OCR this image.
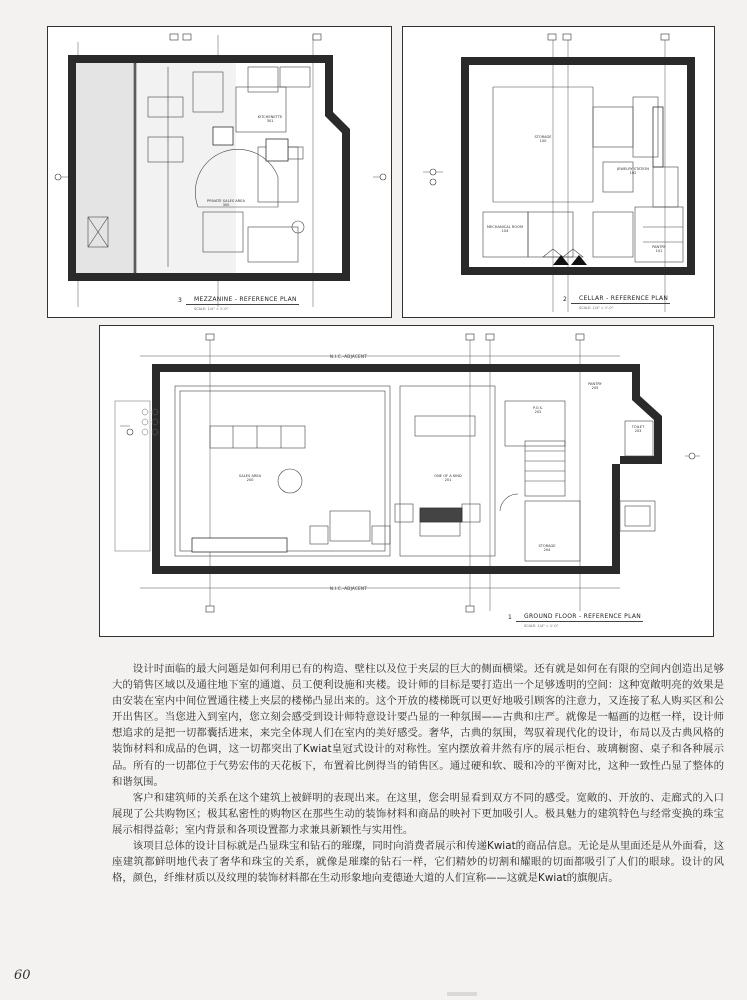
KITCHENETTE
301
PRIVATE SALES AREA
300
3	MEZZANINE - REFERENCE PLAN
SCALE: 1/4" = 1'-0"
STORAGE
100
JEWELRY STATION
102
MECHANICAL ROOM
104
PANTRY
101
2	CELLAR - REFERENCE PLAN
SCALE: 1/4" = 1'-0"
N.I.C.-ADJACENT
N.I.C.-ADJACENT
SALES AREA
200
ONE OF A KIND
201
P.O.S.
202
PANTRY
205
TOILET
203
STORAGE
204
1	GROUND FLOOR - REFERENCE PLAN
SCALE: 1/4" = 1'-0"

设计时面临的最大问题是如何利用已有的构造、壁柱以及位于夹层的巨大的侧面横梁。还有就是如何在有限的空间内创造出足够大的销售区域以及通往地下室的通道、员工便利设施和夹楼。设计师的目标是要打造出一个足够透明的空间：这种宽敞明亮的效果是由安装在室内中间位置通往楼上夹层的楼梯凸显出来的。这个开放的楼梯既可以更好地吸引顾客的注意力，又连接了私人购买区和公开出售区。当您进入到室内，您立刻会感受到设计师特意设计要凸显的一种氛围——古典和庄严。就像是一幅画的边框一样，设计师想追求的是把一切都囊括进来，来完全体现人们在室内的美好感受。奢华，古典的氛围，驾驭着现代化的设计，布局以及古典风格的装饰材料和成品的色调，这一切都突出了Kwiat皇冠式设计的对称性。室内摆放着井然有序的展示柜台、玻璃橱窗、桌子和各种展示品。所有的一切都位于气势宏伟的天花板下，布置着比例得当的销售区。通过硬和软、暖和冷的平衡对比，这种一致性凸显了整体的和谐氛围。

客户和建筑师的关系在这个建筑上被鲜明的表现出来。在这里，您会明显看到双方不同的感受。宽敞的、开放的、走廊式的入口展现了公共购物区；极其私密性的购物区在那些生动的装饰材料和商品的映衬下更加吸引人。极具魅力的建筑特色与经常变换的珠宝展示相得益彰；室内背景和各项设置都力求兼具新颖性与实用性。

该项目总体的设计目标就是凸显珠宝和钻石的璀璨，同时向消费者展示和传递Kwiat的商品信息。无论是从里面还是从外面看，这座建筑都鲜明地代表了奢华和珠宝的关系，就像是璀璨的钻石一样，它们精妙的切割和耀眼的切面都吸引了人们的眼球。设计的风格，颜色，纤维材质以及纹理的装饰材料都在生动形象地向麦德逊大道的人们宣称——这就是Kwiat的旗舰店。

60
